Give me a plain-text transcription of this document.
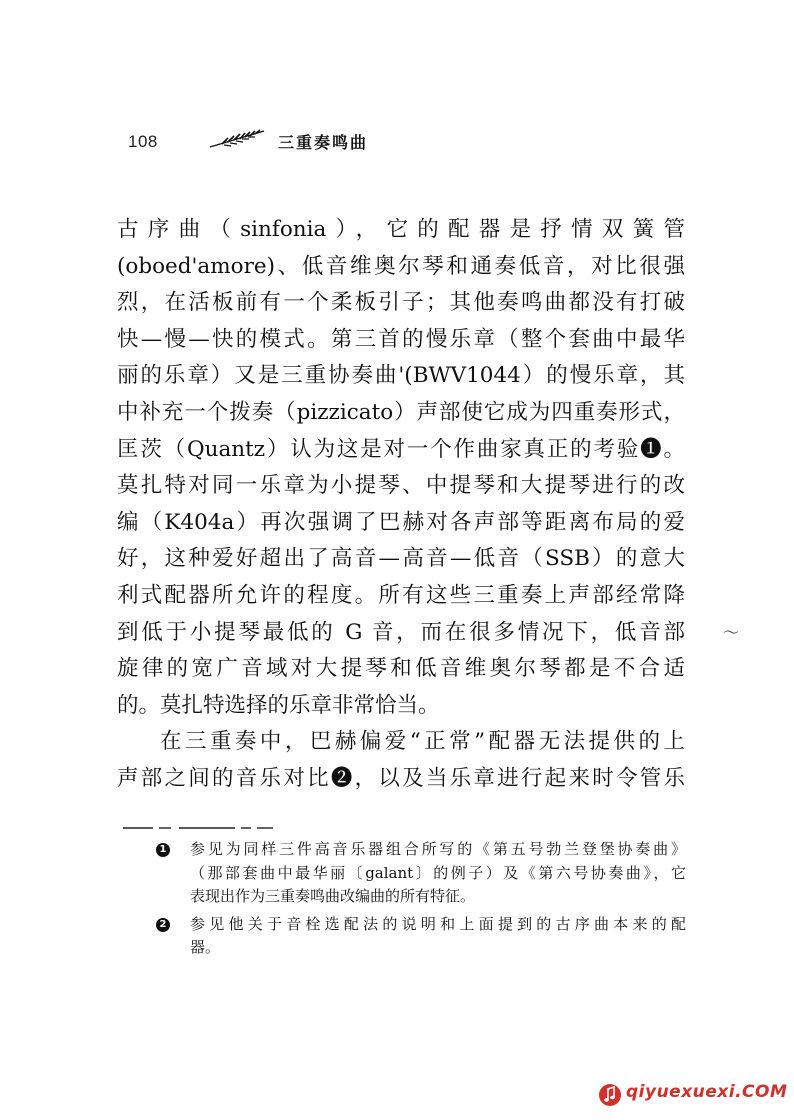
108	三重奏鸣曲
古序曲（sinfonia），它的配器是抒情双簧管
(oboed'amore)、低音维奥尔琴和通奏低音，对比很强
烈，在活板前有一个柔板引子；其他奏鸣曲都没有打破
快—慢—快的模式。第三首的慢乐章（整个套曲中最华
丽的乐章）又是三重协奏曲'(BWV1044）的慢乐章，其
中补充一个拨奏（pizzicato）声部使它成为四重奏形式，
匡茨（Quantz）认为这是对一个作曲家真正的考验❶。
莫扎特对同一乐章为小提琴、中提琴和大提琴进行的改
编（K404a）再次强调了巴赫对各声部等距离布局的爱
好，这种爱好超出了高音—高音—低音（SSB）的意大
利式配器所允许的程度。所有这些三重奏上声部经常降
到低于小提琴最低的 G 音，而在很多情况下，低音部
旋律的宽广音域对大提琴和低音维奥尔琴都是不合适
的。莫扎特选择的乐章非常恰当。
在三重奏中，巴赫偏爱“正常”配器无法提供的上
声部之间的音乐对比❷，以及当乐章进行起来时令管乐
1 参见为同样三件高音乐器组合所写的《第五号勃兰登堡协奏曲》
（那部套曲中最华丽〔galant〕的例子）及《第六号协奏曲》，它
表现出作为三重奏鸣曲改编曲的所有特征。
2 参见他关于音栓选配法的说明和上面提到的古序曲本来的配
器。
～
qiyuexuexi.COM
